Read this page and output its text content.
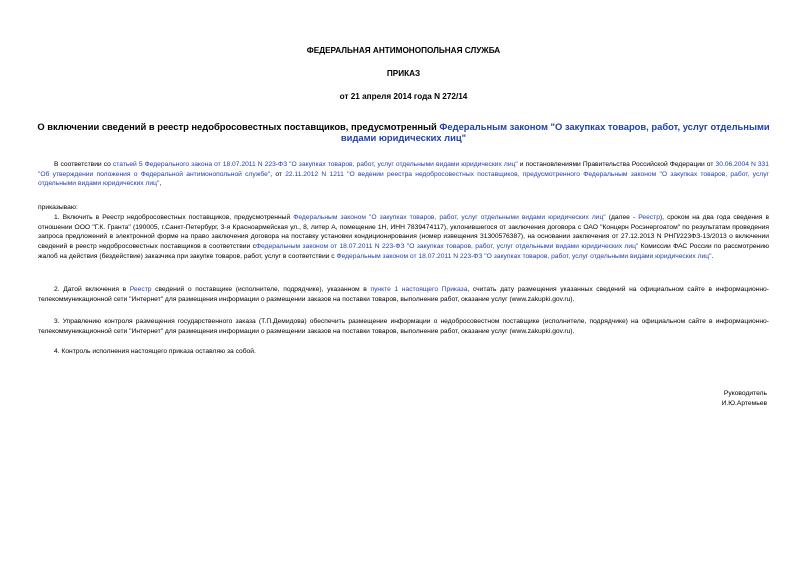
ФЕДЕРАЛЬНАЯ АНТИМОНОПОЛЬНАЯ СЛУЖБА
ПРИКАЗ
от 21 апреля 2014 года N 272/14
О включении сведений в реестр недобросовестных поставщиков, предусмотренный Федеральным законом "О закупках товаров, работ, услуг отдельными видами юридических лиц"
В соответствии со статьей 5 Федерального закона от 18.07.2011 N 223-ФЗ "О закупках товаров, работ, услуг отдельными видами юридических лиц" и постановлениями Правительства Российской Федерации от 30.06.2004 N 331 "Об утверждении положения о Федеральной антимонопольной службе", от 22.11.2012 N 1211 "О ведении реестра недобросовестных поставщиков, предусмотренного Федеральным законом "О закупках товаров, работ, услуг отдельными видами юридических лиц",
приказываю:
1. Включить в Реестр недобросовестных поставщиков, предусмотренный Федеральным законом "О закупках товаров, работ, услуг отдельными видами юридических лиц" (далее - Реестр), сроком на два года сведения в отношении ООО "Г.К. Гранта" (190005, г.Санкт-Петербург, 3-я Красноармейская ул., 8, литер А, помещение 1Н, ИНН 7839474117), уклонившегося от заключения договора с ОАО "Концерн Росэнергоатом" по результатам проведения запроса предложений в электронной форме на право заключения договора на поставку установки кондиционирования (номер извещения 31300576387), на основании заключения от 27.12.2013 N РНП/223ФЗ-13/2013 о включении сведений в реестр недобросовестных поставщиков в соответствии сФедеральным законом от 18.07.2011 N 223-ФЗ "О закупках товаров, работ, услуг отдельными видами юридических лиц" Комиссии ФАС России по рассмотрению жалоб на действия (бездействие) заказчика при закупке товаров, работ, услуг в соответствии с Федеральным законом от 18.07.2011 N 223-ФЗ "О закупках товаров, работ, услуг отдельными видами юридических лиц".
2. Датой включения в Реестр сведений о поставщике (исполнителе, подрядчике), указанном в пункте 1 настоящего Приказа, считать дату размещения указанных сведений на официальном сайте в информационно-телекоммуникационной сети "Интернет" для размещения информации о размещении заказов на поставки товаров, выполнение работ, оказание услуг (www.zakupki.gov.ru).
3. Управлению контроля размещения государственного заказа (Т.П.Демидова) обеспечить размещение информации о недобросовестном поставщике (исполнителе, подрядчике) на официальном сайте в информационно-телекоммуникационной сети "Интернет" для размещения информации о размещении заказов на поставки товаров, выполнение работ, оказание услуг (www.zakupki.gov.ru).
4. Контроль исполнения настоящего приказа оставляю за собой.
Руководитель
И.Ю.Артемьев
